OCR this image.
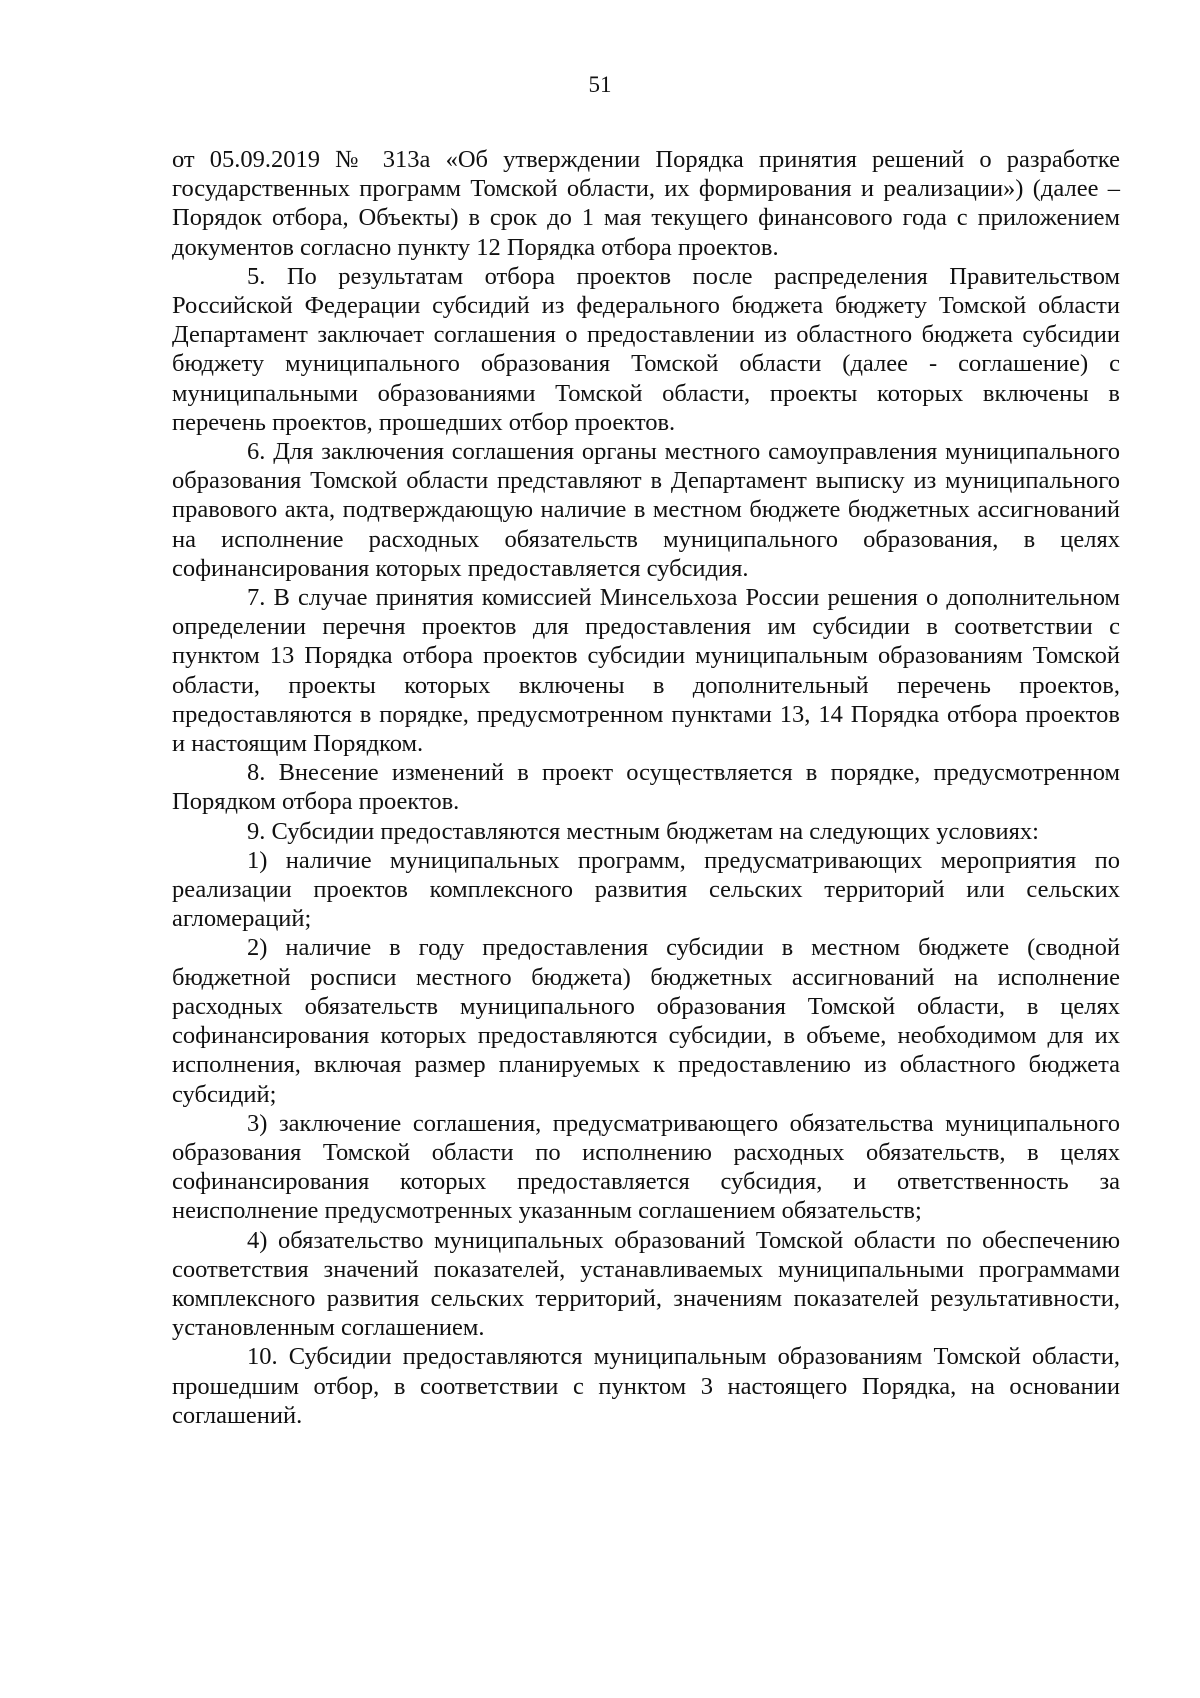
51

от 05.09.2019 № 313а «Об утверждении Порядка принятия решений о разработке государственных программ Томской области, их формирования и реализации») (далее – Порядок отбора, Объекты) в срок до 1 мая текущего финансового года с приложением документов согласно пункту 12 Порядка отбора проектов.

5. По результатам отбора проектов после распределения Правительством Российской Федерации субсидий из федерального бюджета бюджету Томской области Департамент заключает соглашения о предоставлении из областного бюджета субсидии бюджету муниципального образования Томской области (далее - соглашение) с муниципальными образованиями Томской области, проекты которых включены в перечень проектов, прошедших отбор проектов.

6. Для заключения соглашения органы местного самоуправления муниципального образования Томской области представляют в Департамент выписку из муниципального правового акта, подтверждающую наличие в местном бюджете бюджетных ассигнований на исполнение расходных обязательств муниципального образования, в целях софинансирования которых предоставляется субсидия.

7. В случае принятия комиссией Минсельхоза России решения о дополнительном определении перечня проектов для предоставления им субсидии в соответствии с пунктом 13 Порядка отбора проектов субсидии муниципальным образованиям Томской области, проекты которых включены в дополнительный перечень проектов, предоставляются в порядке, предусмотренном пунктами 13, 14 Порядка отбора проектов и настоящим Порядком.

8. Внесение изменений в проект осуществляется в порядке, предусмотренном Порядком отбора проектов.

9. Субсидии предоставляются местным бюджетам на следующих условиях:

1) наличие муниципальных программ, предусматривающих мероприятия по реализации проектов комплексного развития сельских территорий или сельских агломераций;

2) наличие в году предоставления субсидии в местном бюджете (сводной бюджетной росписи местного бюджета) бюджетных ассигнований на исполнение расходных обязательств муниципального образования Томской области, в целях софинансирования которых предоставляются субсидии, в объеме, необходимом для их исполнения, включая размер планируемых к предоставлению из областного бюджета субсидий;

3) заключение соглашения, предусматривающего обязательства муниципального образования Томской области по исполнению расходных обязательств, в целях софинансирования которых предоставляется субсидия, и ответственность за неисполнение предусмотренных указанным соглашением обязательств;

4) обязательство муниципальных образований Томской области по обеспечению соответствия значений показателей, устанавливаемых муниципальными программами комплексного развития сельских территорий, значениям показателей результативности, установленным соглашением.

10. Субсидии предоставляются муниципальным образованиям Томской области, прошедшим отбор, в соответствии с пунктом 3 настоящего Порядка, на основании соглашений.
